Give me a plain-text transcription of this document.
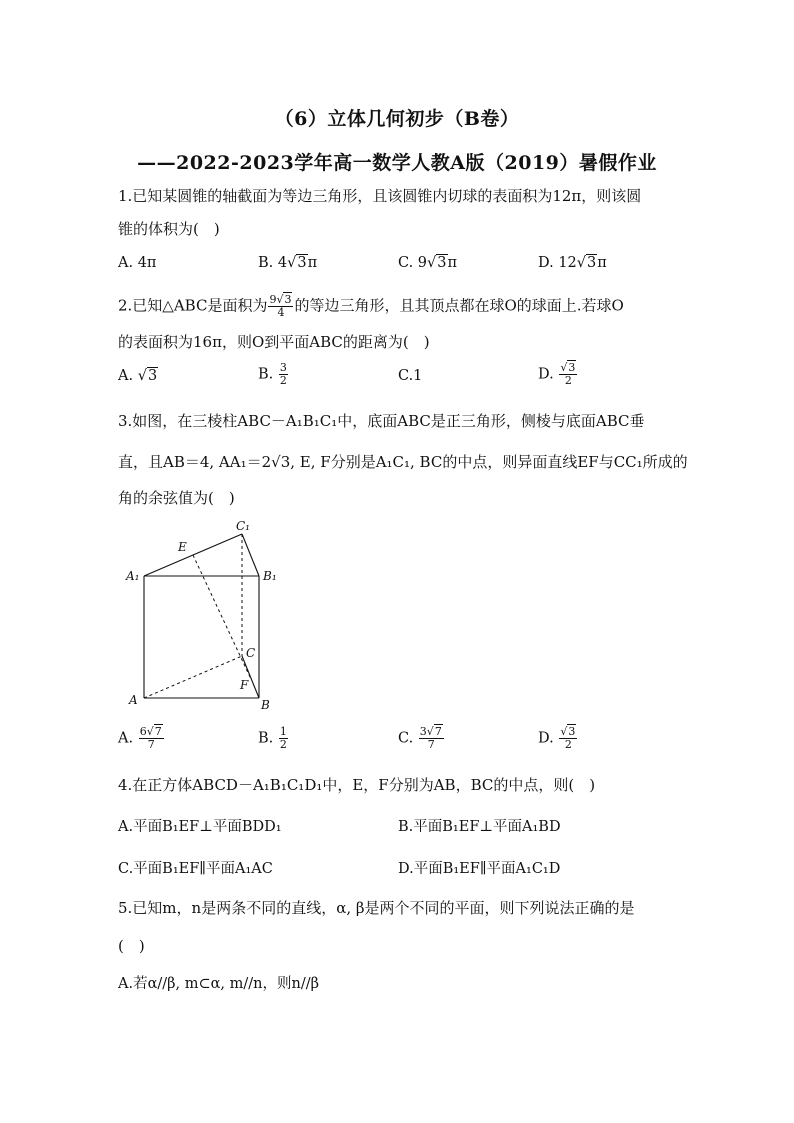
（6）立体几何初步（B卷）
——2022-2023学年高一数学人教A版（2019）暑假作业
1.已知某圆锥的轴截面为等边三角形，且该圆锥内切球的表面积为12π，则该圆
锥的体积为(　)
A. 4π	B. 4√3π	C. 9√3π	D. 12√3π
2.已知△ABC是面积为 $\frac{9√3}{4}$ 的等边三角形，且其顶点都在球O的球面上.若球O
的表面积为16π，则O到平面ABC的距离为(　)
A. √3	B. $\frac{3}{2}$	C.1	D. $\frac{√3}{2}$
3.如图，在三棱柱ABC－A₁B₁C₁中，底面ABC是正三角形，侧棱与底面ABC垂
直，且AB＝4, AA₁＝2√3, E, F分别是A₁C₁, BC的中点，则异面直线EF与CC₁所成的
角的余弦值为(　)
C₁
E
A₁	B₁
C
F
A	B
A. $\frac{6√7}{7}$	B. $\frac{1}{2}$	C. $\frac{3√7}{7}$	D. $\frac{√3}{2}$
4.在正方体ABCD－A₁B₁C₁D₁中，E，F分别为AB，BC的中点，则(　)
A.平面B₁EF⊥平面BDD₁	B.平面B₁EF⊥平面A₁BD
C.平面B₁EF∥平面A₁AC	D.平面B₁EF∥平面A₁C₁D
5.已知m，n是两条不同的直线，α, β是两个不同的平面，则下列说法正确的是
(　)
A.若α//β, m⊂α, m//n，则n//β
